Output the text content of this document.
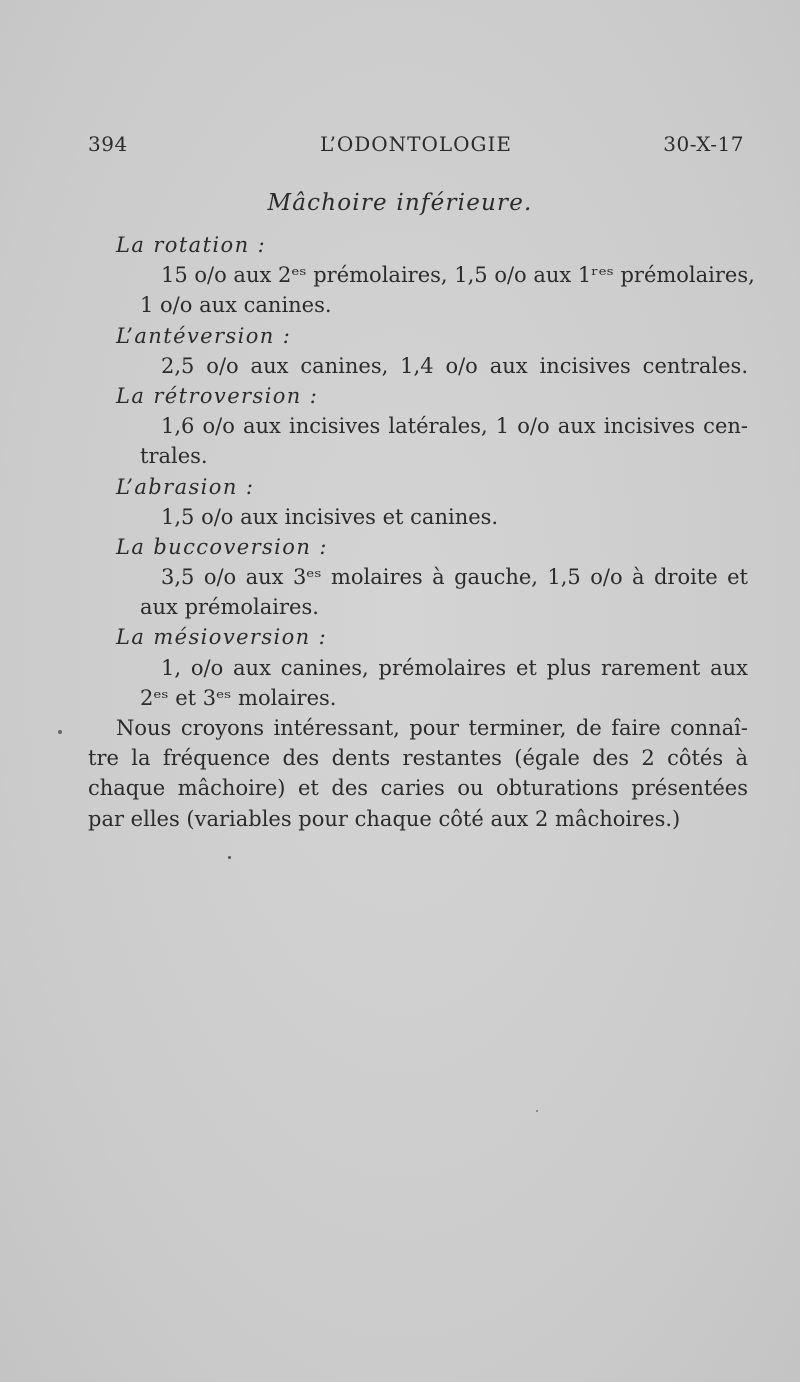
394	L’ODONTOLOGIE	30-X-17
Mâchoire inférieure.
La rotation :
15 o/o aux 2ᵉˢ prémolaires, 1,5 o/o aux 1ʳᵉˢ prémolaires,
1 o/o aux canines.
L’antéversion :
2,5 o/o aux canines, 1,4 o/o aux incisives centrales.
La rétroversion :
1,6 o/o aux incisives latérales, 1 o/o aux incisives cen-
trales.
L’abrasion :
1,5 o/o aux incisives et canines.
La buccoversion :
3,5 o/o aux 3ᵉˢ molaires à gauche, 1,5 o/o à droite et
aux prémolaires.
La mésioversion :
1, o/o aux canines, prémolaires et plus rarement aux
2ᵉˢ et 3ᵉˢ molaires.
Nous croyons intéressant, pour terminer, de faire connaî-
tre la fréquence des dents restantes (égale des 2 côtés à
chaque mâchoire) et des caries ou obturations présentées
par elles (variables pour chaque côté aux 2 mâchoires.)
